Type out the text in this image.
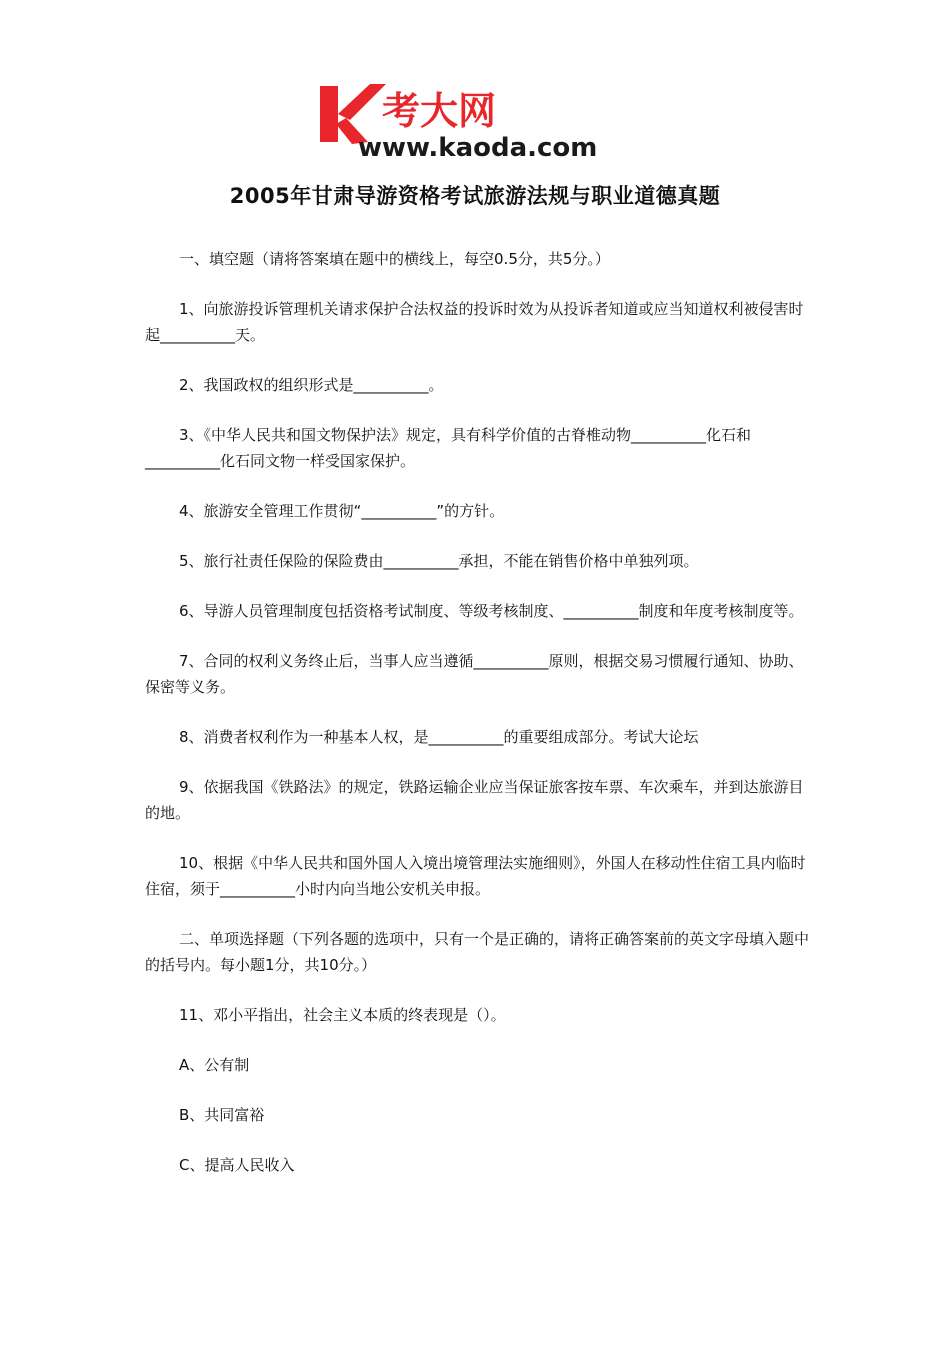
考大网
www.kaoda.com
2005年甘肃导游资格考试旅游法规与职业道德真题

一、填空题（请将答案填在题中的横线上，每空0.5分，共5分。）

1、向旅游投诉管理机关请求保护合法权益的投诉时效为从投诉者知道或应当知道权利被侵害时起__________天。

2、我国政权的组织形式是__________。

3、《中华人民共和国文物保护法》规定，具有科学价值的古脊椎动物__________化石和__________化石同文物一样受国家保护。

4、旅游安全管理工作贯彻“__________”的方针。

5、旅行社责任保险的保险费由__________承担，不能在销售价格中单独列项。

6、导游人员管理制度包括资格考试制度、等级考核制度、__________制度和年度考核制度等。

7、合同的权利义务终止后，当事人应当遵循__________原则，根据交易习惯履行通知、协助、保密等义务。

8、消费者权利作为一种基本人权，是__________的重要组成部分。考试大论坛

9、依据我国《铁路法》的规定，铁路运输企业应当保证旅客按车票、车次乘车，并到达旅游目的地。

10、根据《中华人民共和国外国人入境出境管理法实施细则》，外国人在移动性住宿工具内临时住宿，须于__________小时内向当地公安机关申报。

二、单项选择题（下列各题的选项中，只有一个是正确的，请将正确答案前的英文字母填入题中的括号内。每小题1分，共10分。）

11、邓小平指出，社会主义本质的终表现是（）。

A、公有制

B、共同富裕

C、提高人民收入
